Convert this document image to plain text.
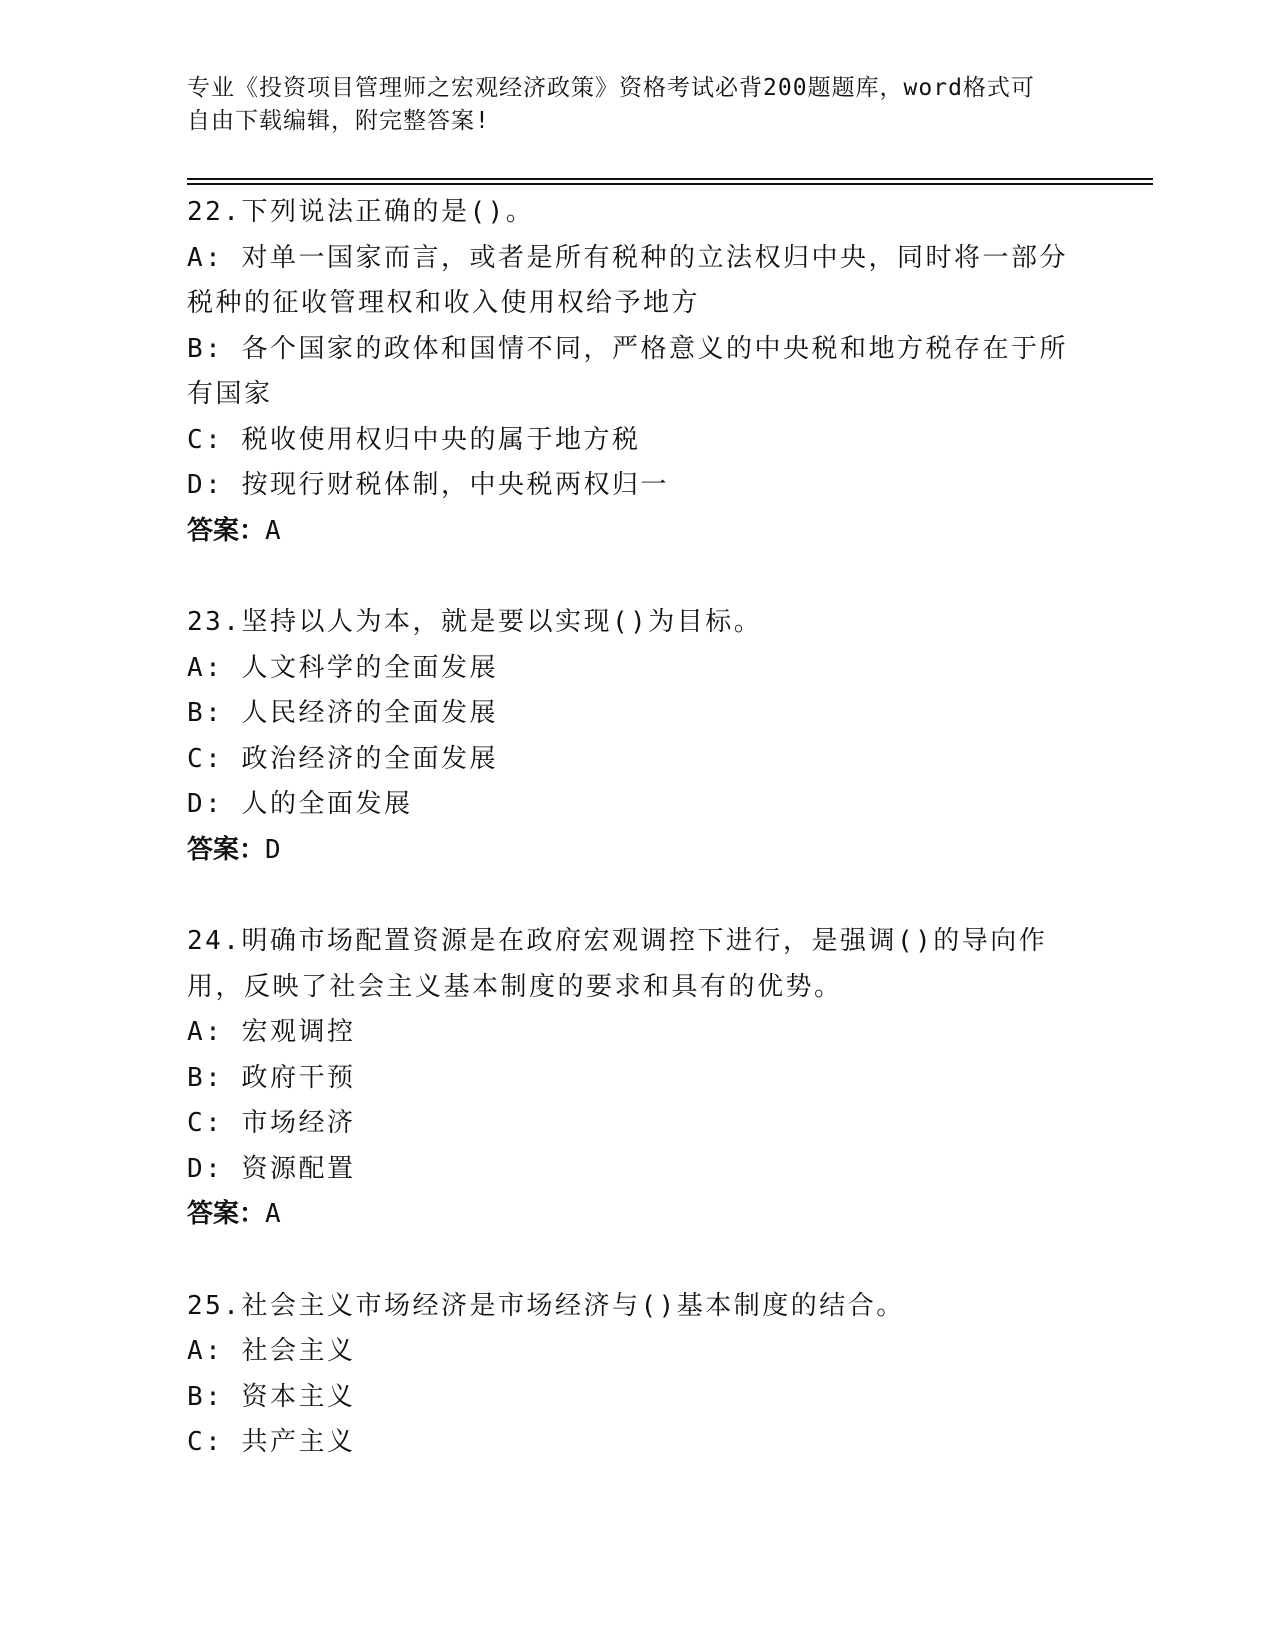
专业《投资项目管理师之宏观经济政策》资格考试必背200题题库，word格式可
自由下载编辑，附完整答案!
22.下列说法正确的是()。
A: 对单一国家而言，或者是所有税种的立法权归中央，同时将一部分税种的征收管理权和收入使用权给予地方
B: 各个国家的政体和国情不同，严格意义的中央税和地方税存在于所有国家
C: 税收使用权归中央的属于地方税
D: 按现行财税体制，中央税两权归一
答案：A
23.坚持以人为本，就是要以实现()为目标。
A: 人文科学的全面发展
B: 人民经济的全面发展
C: 政治经济的全面发展
D: 人的全面发展
答案：D
24.明确市场配置资源是在政府宏观调控下进行，是强调()的导向作用，反映了社会主义基本制度的要求和具有的优势。
A: 宏观调控
B: 政府干预
C: 市场经济
D: 资源配置
答案：A
25.社会主义市场经济是市场经济与()基本制度的结合。
A: 社会主义
B: 资本主义
C: 共产主义
